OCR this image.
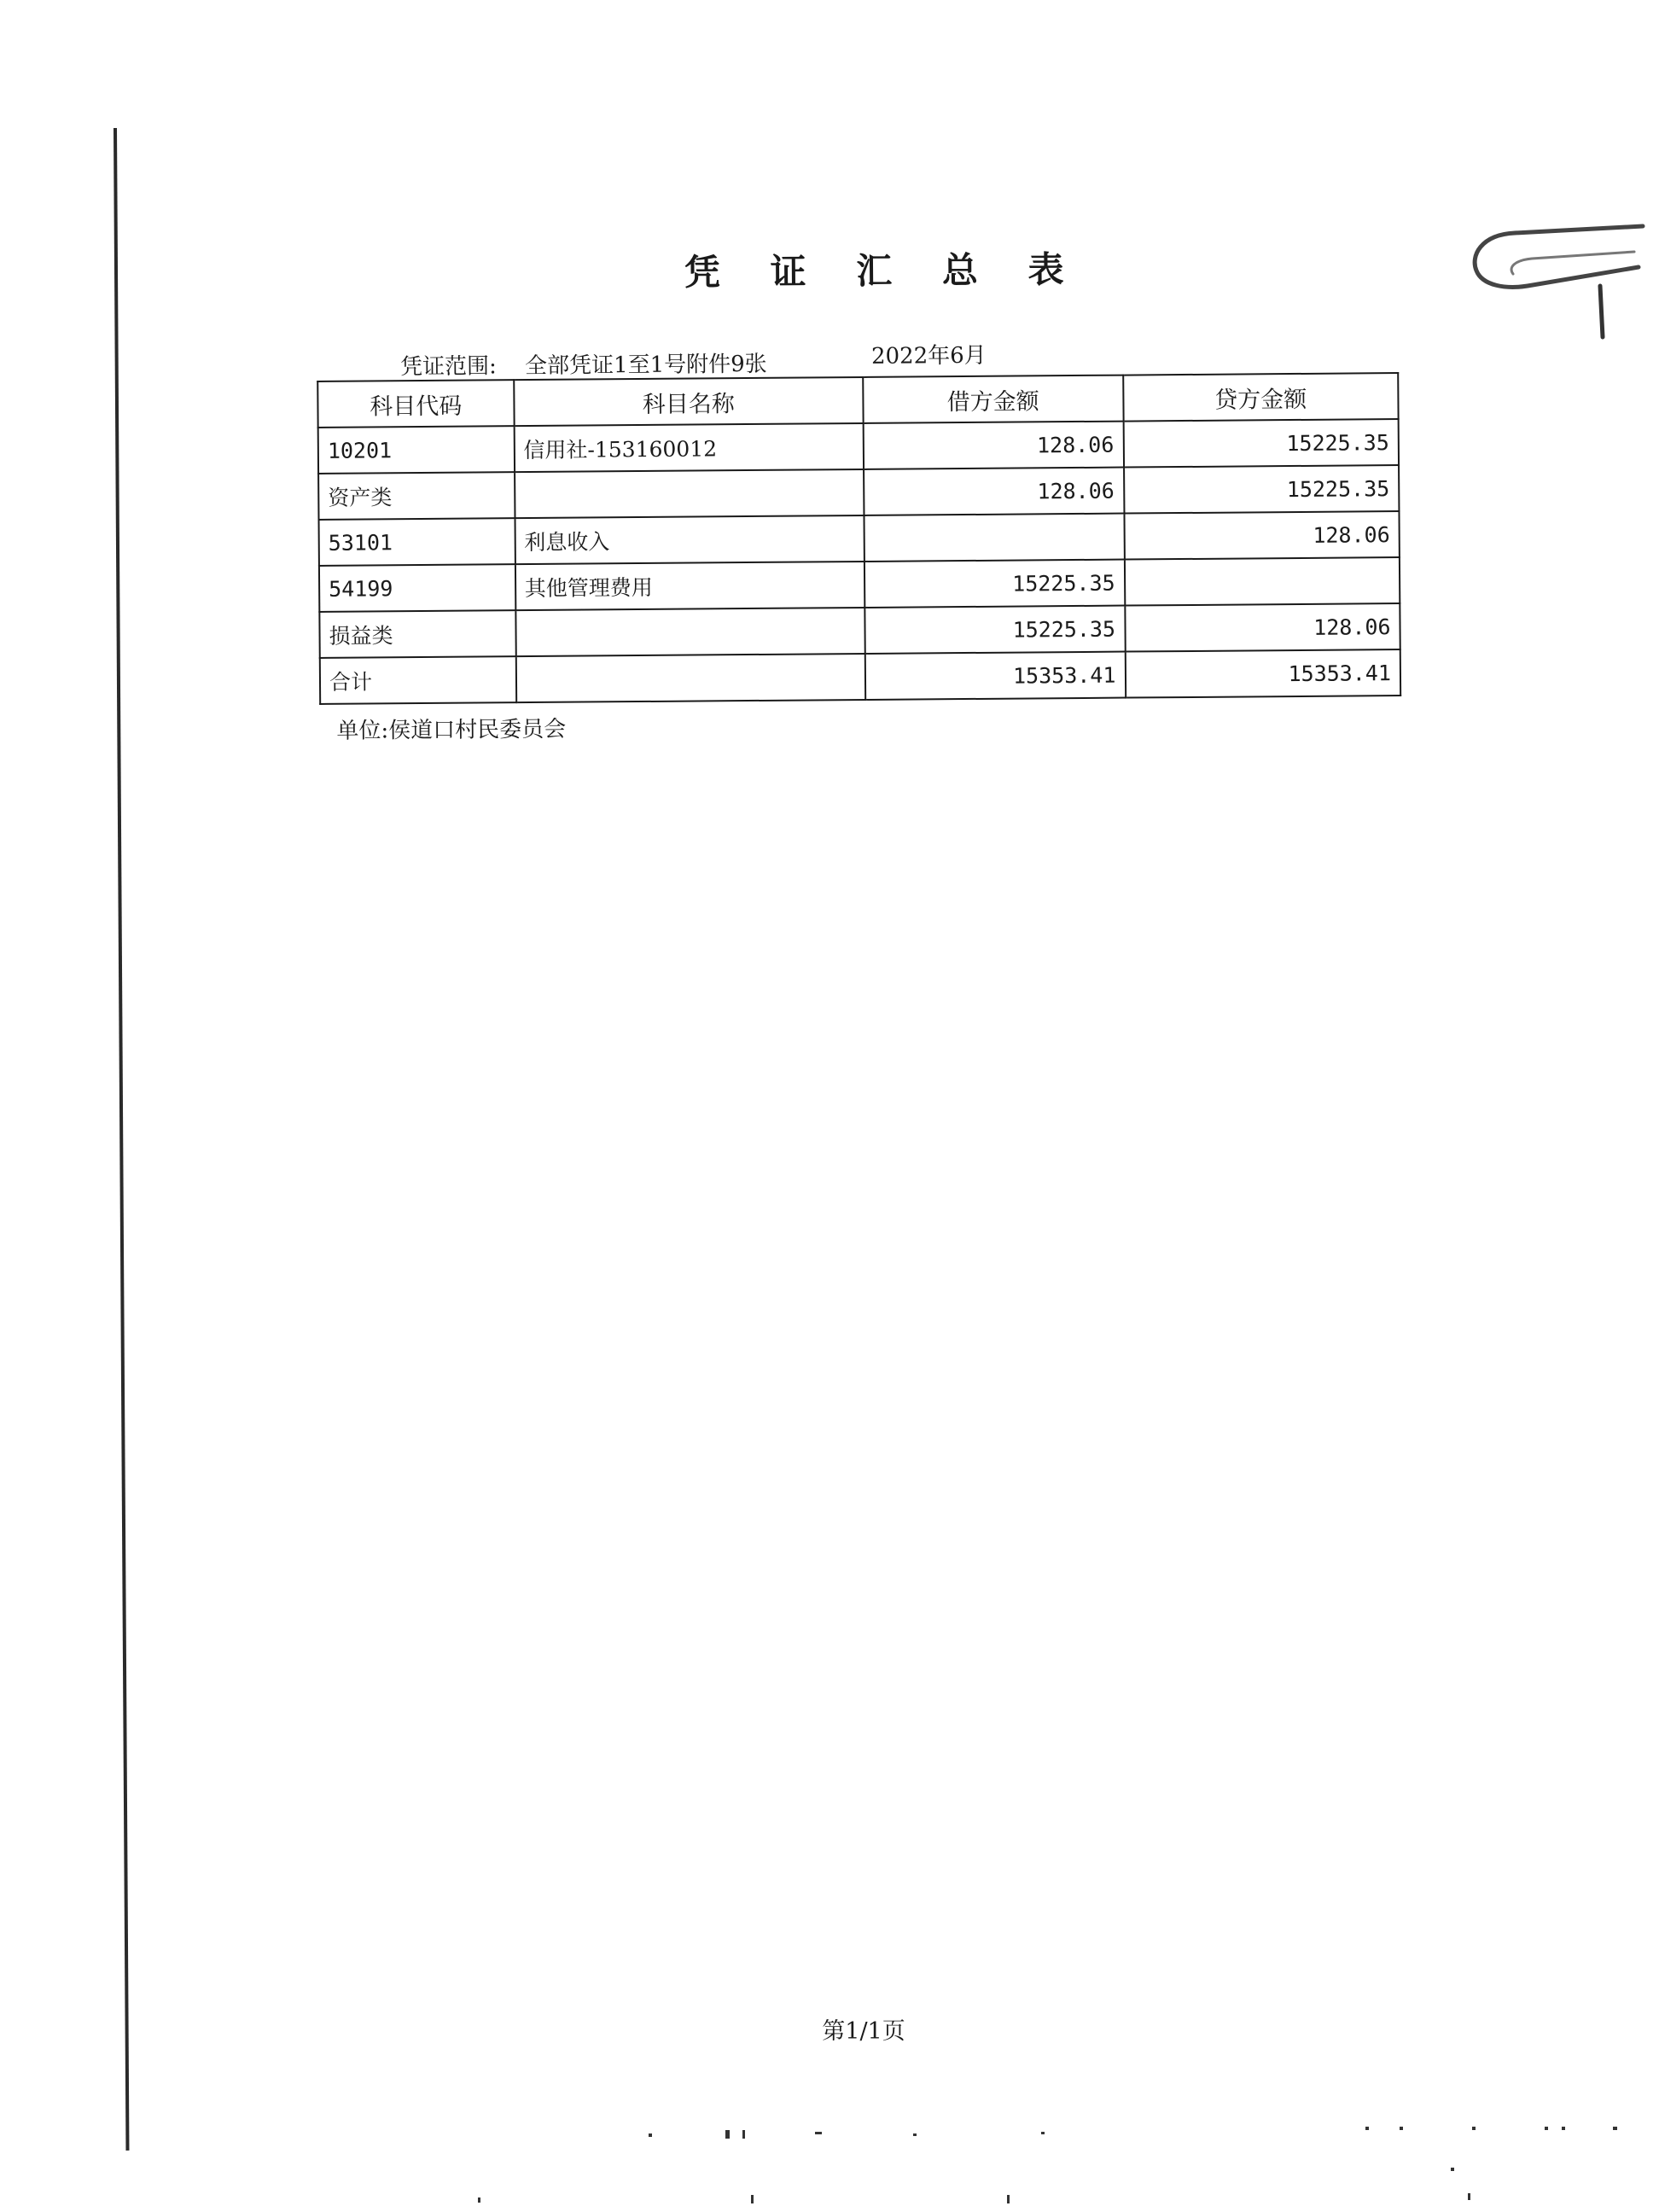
凭 证 汇 总 表
凭证范围: 全部凭证1至1号附件9张	2022年6月
科目代码	科目名称	借方金额	贷方金额
10201	信用社-153160012	128.06	15225.35
资产类		128.06	15225.35
53101	利息收入		128.06
54199	其他管理费用	15225.35	
损益类		15225.35	128.06
合计		15353.41	15353.41
单位:侯道口村民委员会
第1/1页
